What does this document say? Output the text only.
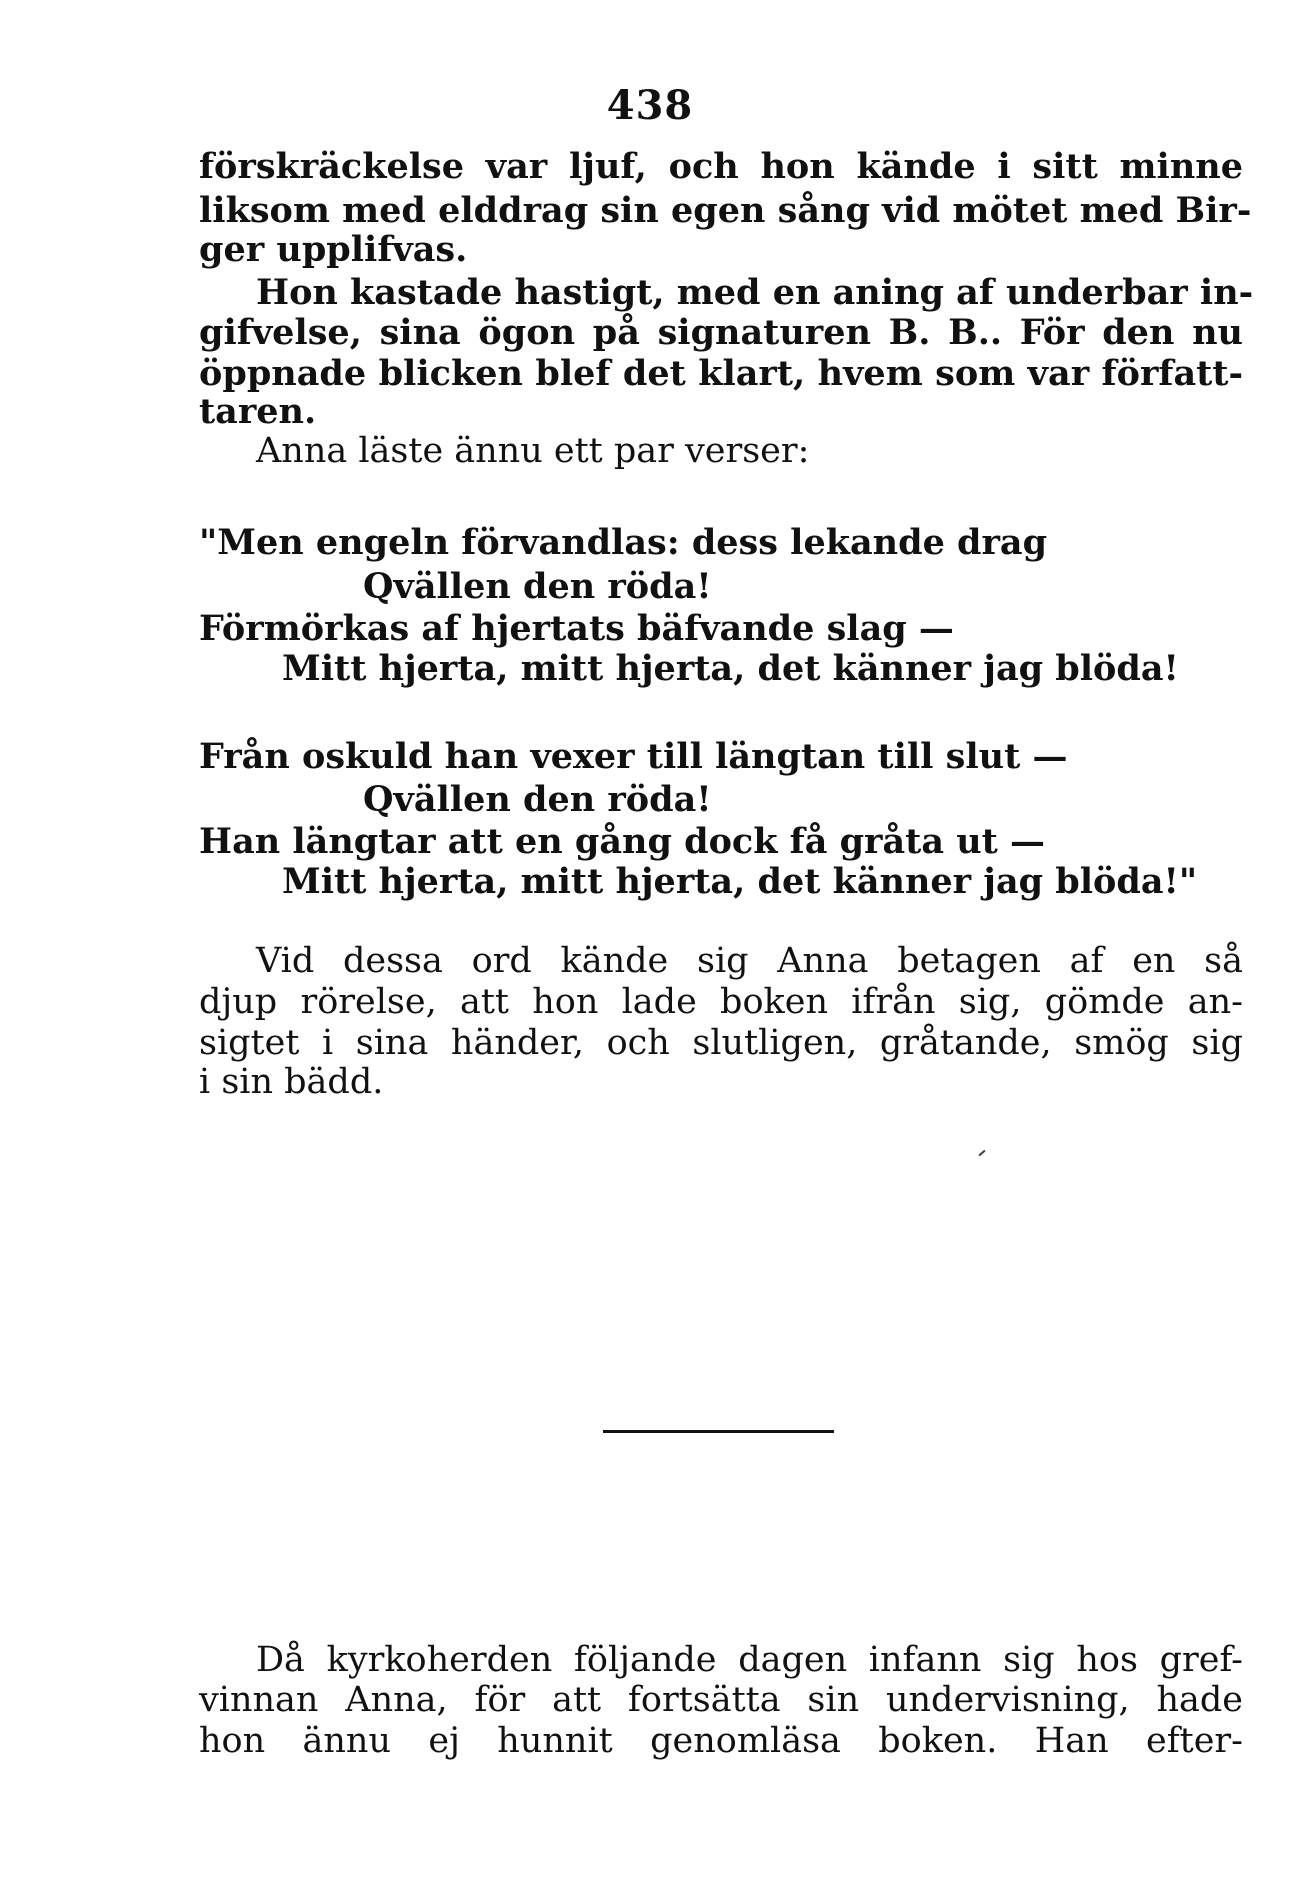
438
förskräckelse var ljuf, och hon kände i sitt minne
liksom med elddrag sin egen sång vid mötet med Bir-
ger upplifvas.
Hon kastade hastigt, med en aning af underbar in-
gifvelse, sina ögon på signaturen B. B.. För den nu
öppnade blicken blef det klart, hvem som var författ-
taren.
Anna läste ännu ett par verser:
"Men engeln förvandlas: dess lekande drag
Qvällen den röda!
Förmörkas af hjertats bäfvande slag —
Mitt hjerta, mitt hjerta, det känner jag blöda!
Från oskuld han vexer till längtan till slut —
Qvällen den röda!
Han längtar att en gång dock få gråta ut —
Mitt hjerta, mitt hjerta, det känner jag blöda!"
Vid dessa ord kände sig Anna betagen af en så
djup rörelse, att hon lade boken ifrån sig, gömde an-
sigtet i sina händer, och slutligen, gråtande, smög sig
i sin bädd.
Då kyrkoherden följande dagen infann sig hos gref-
vinnan Anna, för att fortsätta sin undervisning, hade
hon ännu ej hunnit genomläsa boken. Han efter-
